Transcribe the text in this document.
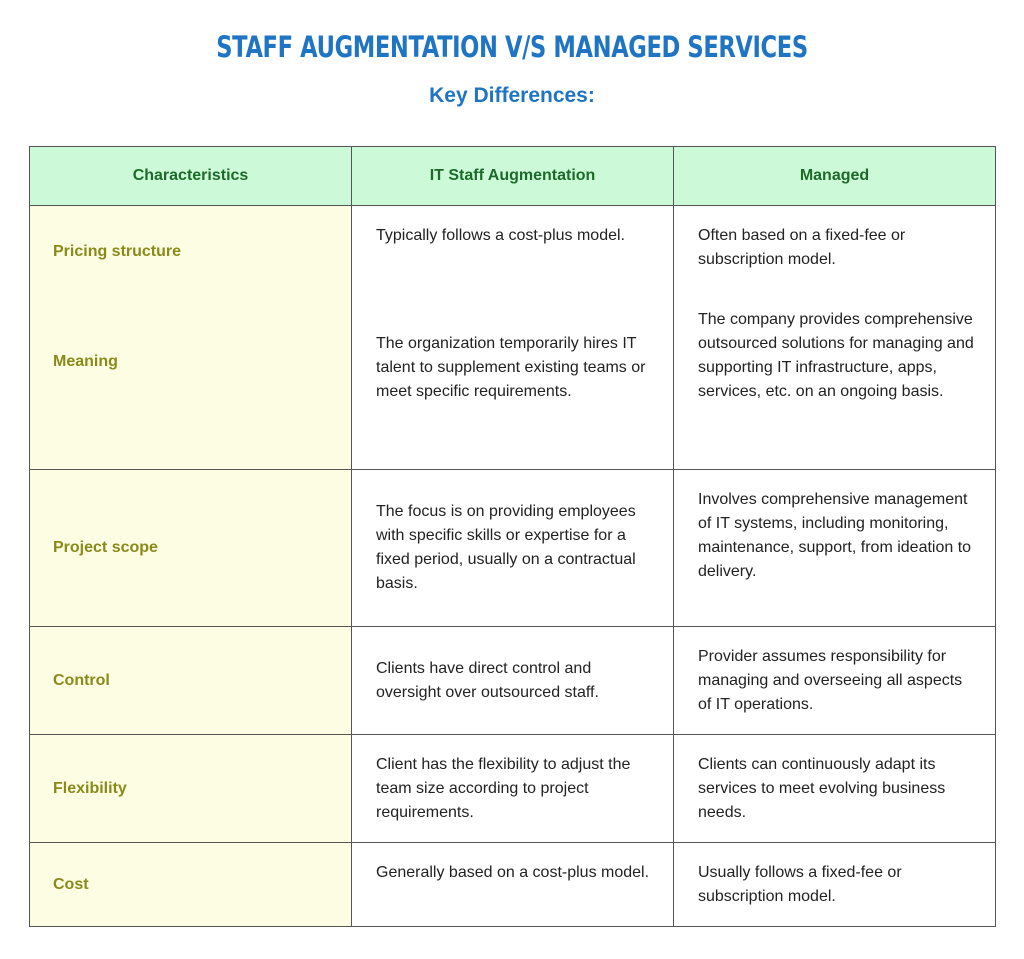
STAFF AUGMENTATION V/S MANAGED SERVICES
Key Differences:
Characteristics	IT Staff Augmentation	Managed

Pricing structure	Typically follows a cost-plus model.	Often based on a fixed-fee or subscription model.

Meaning	The organization temporarily hires IT talent to supplement existing teams or meet specific requirements.	The company provides comprehensive outsourced solutions for managing and supporting IT infrastructure, apps, services, etc. on an ongoing basis.

Project scope	The focus is on providing employees with specific skills or expertise for a fixed period, usually on a contractual basis.	Involves comprehensive management of IT systems, including monitoring, maintenance, support, from ideation to delivery.

Control	Clients have direct control and oversight over outsourced staff.	Provider assumes responsibility for managing and overseeing all aspects of IT operations.

Flexibility	Client has the flexibility to adjust the team size according to project requirements.	Clients can continuously adapt its services to meet evolving business needs.

Cost	Generally based on a cost-plus model.	Usually follows a fixed-fee or subscription model.
